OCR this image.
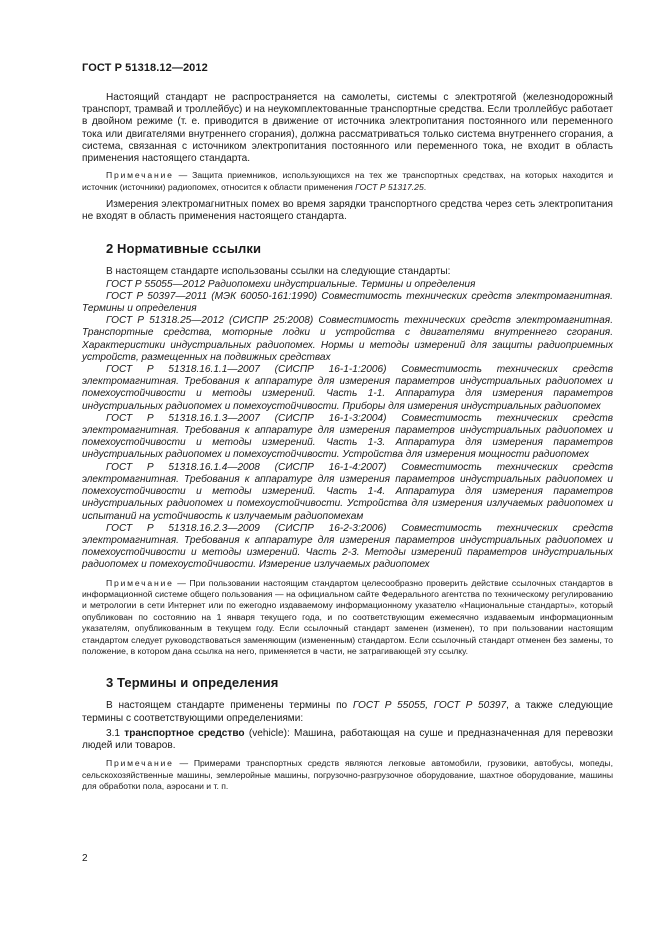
ГОСТ Р 51318.12—2012

Настоящий стандарт не распространяется на самолеты, системы с электротягой (железнодорожный транспорт, трамвай и троллейбус) и на неукомплектованные транспортные средства. Если троллейбус работает в двойном режиме (т. е. приводится в движение от источника электропитания постоянного или переменного тока или двигателями внутреннего сгорания), должна рассматриваться только система внутреннего сгорания, а система, связанная с источником электропитания постоянного или переменного тока, не входит в область применения настоящего стандарта.

Примечание — Защита приемников, использующихся на тех же транспортных средствах, на которых находится и источник (источники) радиопомех, относится к области применения ГОСТ Р 51317.25.

Измерения электромагнитных помех во время зарядки транспортного средства через сеть электропитания не входят в область применения настоящего стандарта.

2 Нормативные ссылки

В настоящем стандарте использованы ссылки на следующие стандарты:

ГОСТ Р 55055—2012 Радиопомехи индустриальные. Термины и определения

ГОСТ Р 50397—2011 (МЭК 60050-161:1990) Совместимость технических средств электромагнитная. Термины и определения

ГОСТ Р 51318.25—2012 (СИСПР 25:2008) Совместимость технических средств электромагнитная. Транспортные средства, моторные лодки и устройства с двигателями внутреннего сгорания. Характеристики индустриальных радиопомех. Нормы и методы измерений для защиты радиоприемных устройств, размещенных на подвижных средствах

ГОСТ Р 51318.16.1.1—2007 (СИСПР 16-1-1:2006) Совместимость технических средств электромагнитная. Требования к аппаратуре для измерения параметров индустриальных радиопомех и помехоустойчивости и методы измерений. Часть 1-1. Аппаратура для измерения параметров индустриальных радиопомех и помехоустойчивости. Приборы для измерения индустриальных радиопомех

ГОСТ Р 51318.16.1.3—2007 (СИСПР 16-1-3:2004) Совместимость технических средств электромагнитная. Требования к аппаратуре для измерения параметров индустриальных радиопомех и помехоустойчивости и методы измерений. Часть 1-3. Аппаратура для измерения параметров индустриальных радиопомех и помехоустойчивости. Устройства для измерения мощности радиопомех

ГОСТ Р 51318.16.1.4—2008 (СИСПР 16-1-4:2007) Совместимость технических средств электромагнитная. Требования к аппаратуре для измерения параметров индустриальных радиопомех и помехоустойчивости и методы измерений. Часть 1-4. Аппаратура для измерения параметров индустриальных радиопомех и помехоустойчивости. Устройства для измерения излучаемых радиопомех и испытаний на устойчивость к излучаемым радиопомехам

ГОСТ Р 51318.16.2.3—2009 (СИСПР 16-2-3:2006) Совместимость технических средств электромагнитная. Требования к аппаратуре для измерения параметров индустриальных радиопомех и помехоустойчивости и методы измерений. Часть 2-3. Методы измерений параметров индустриальных радиопомех и помехоустойчивости. Измерение излучаемых радиопомех

Примечание — При пользовании настоящим стандартом целесообразно проверить действие ссылочных стандартов в информационной системе общего пользования — на официальном сайте Федерального агентства по техническому регулированию и метрологии в сети Интернет или по ежегодно издаваемому информационному указателю «Национальные стандарты», который опубликован по состоянию на 1 января текущего года, и по соответствующим ежемесячно издаваемым информационным указателям, опубликованным в текущем году. Если ссылочный стандарт заменен (изменен), то при пользовании настоящим стандартом следует руководствоваться заменяющим (измененным) стандартом. Если ссылочный стандарт отменен без замены, то положение, в котором дана ссылка на него, применяется в части, не затрагивающей эту ссылку.

3 Термины и определения

В настоящем стандарте применены термины по ГОСТ Р 55055, ГОСТ Р 50397, а также следующие термины с соответствующими определениями:

3.1 транспортное средство (vehicle): Машина, работающая на суше и предназначенная для перевозки людей или товаров.

Примечание — Примерами транспортных средств являются легковые автомобили, грузовики, автобусы, мопеды, сельскохозяйственные машины, землеройные машины, погрузочно-разгрузочное оборудование, шахтное оборудование, машины для обработки пола, аэросани и т. п.

2
